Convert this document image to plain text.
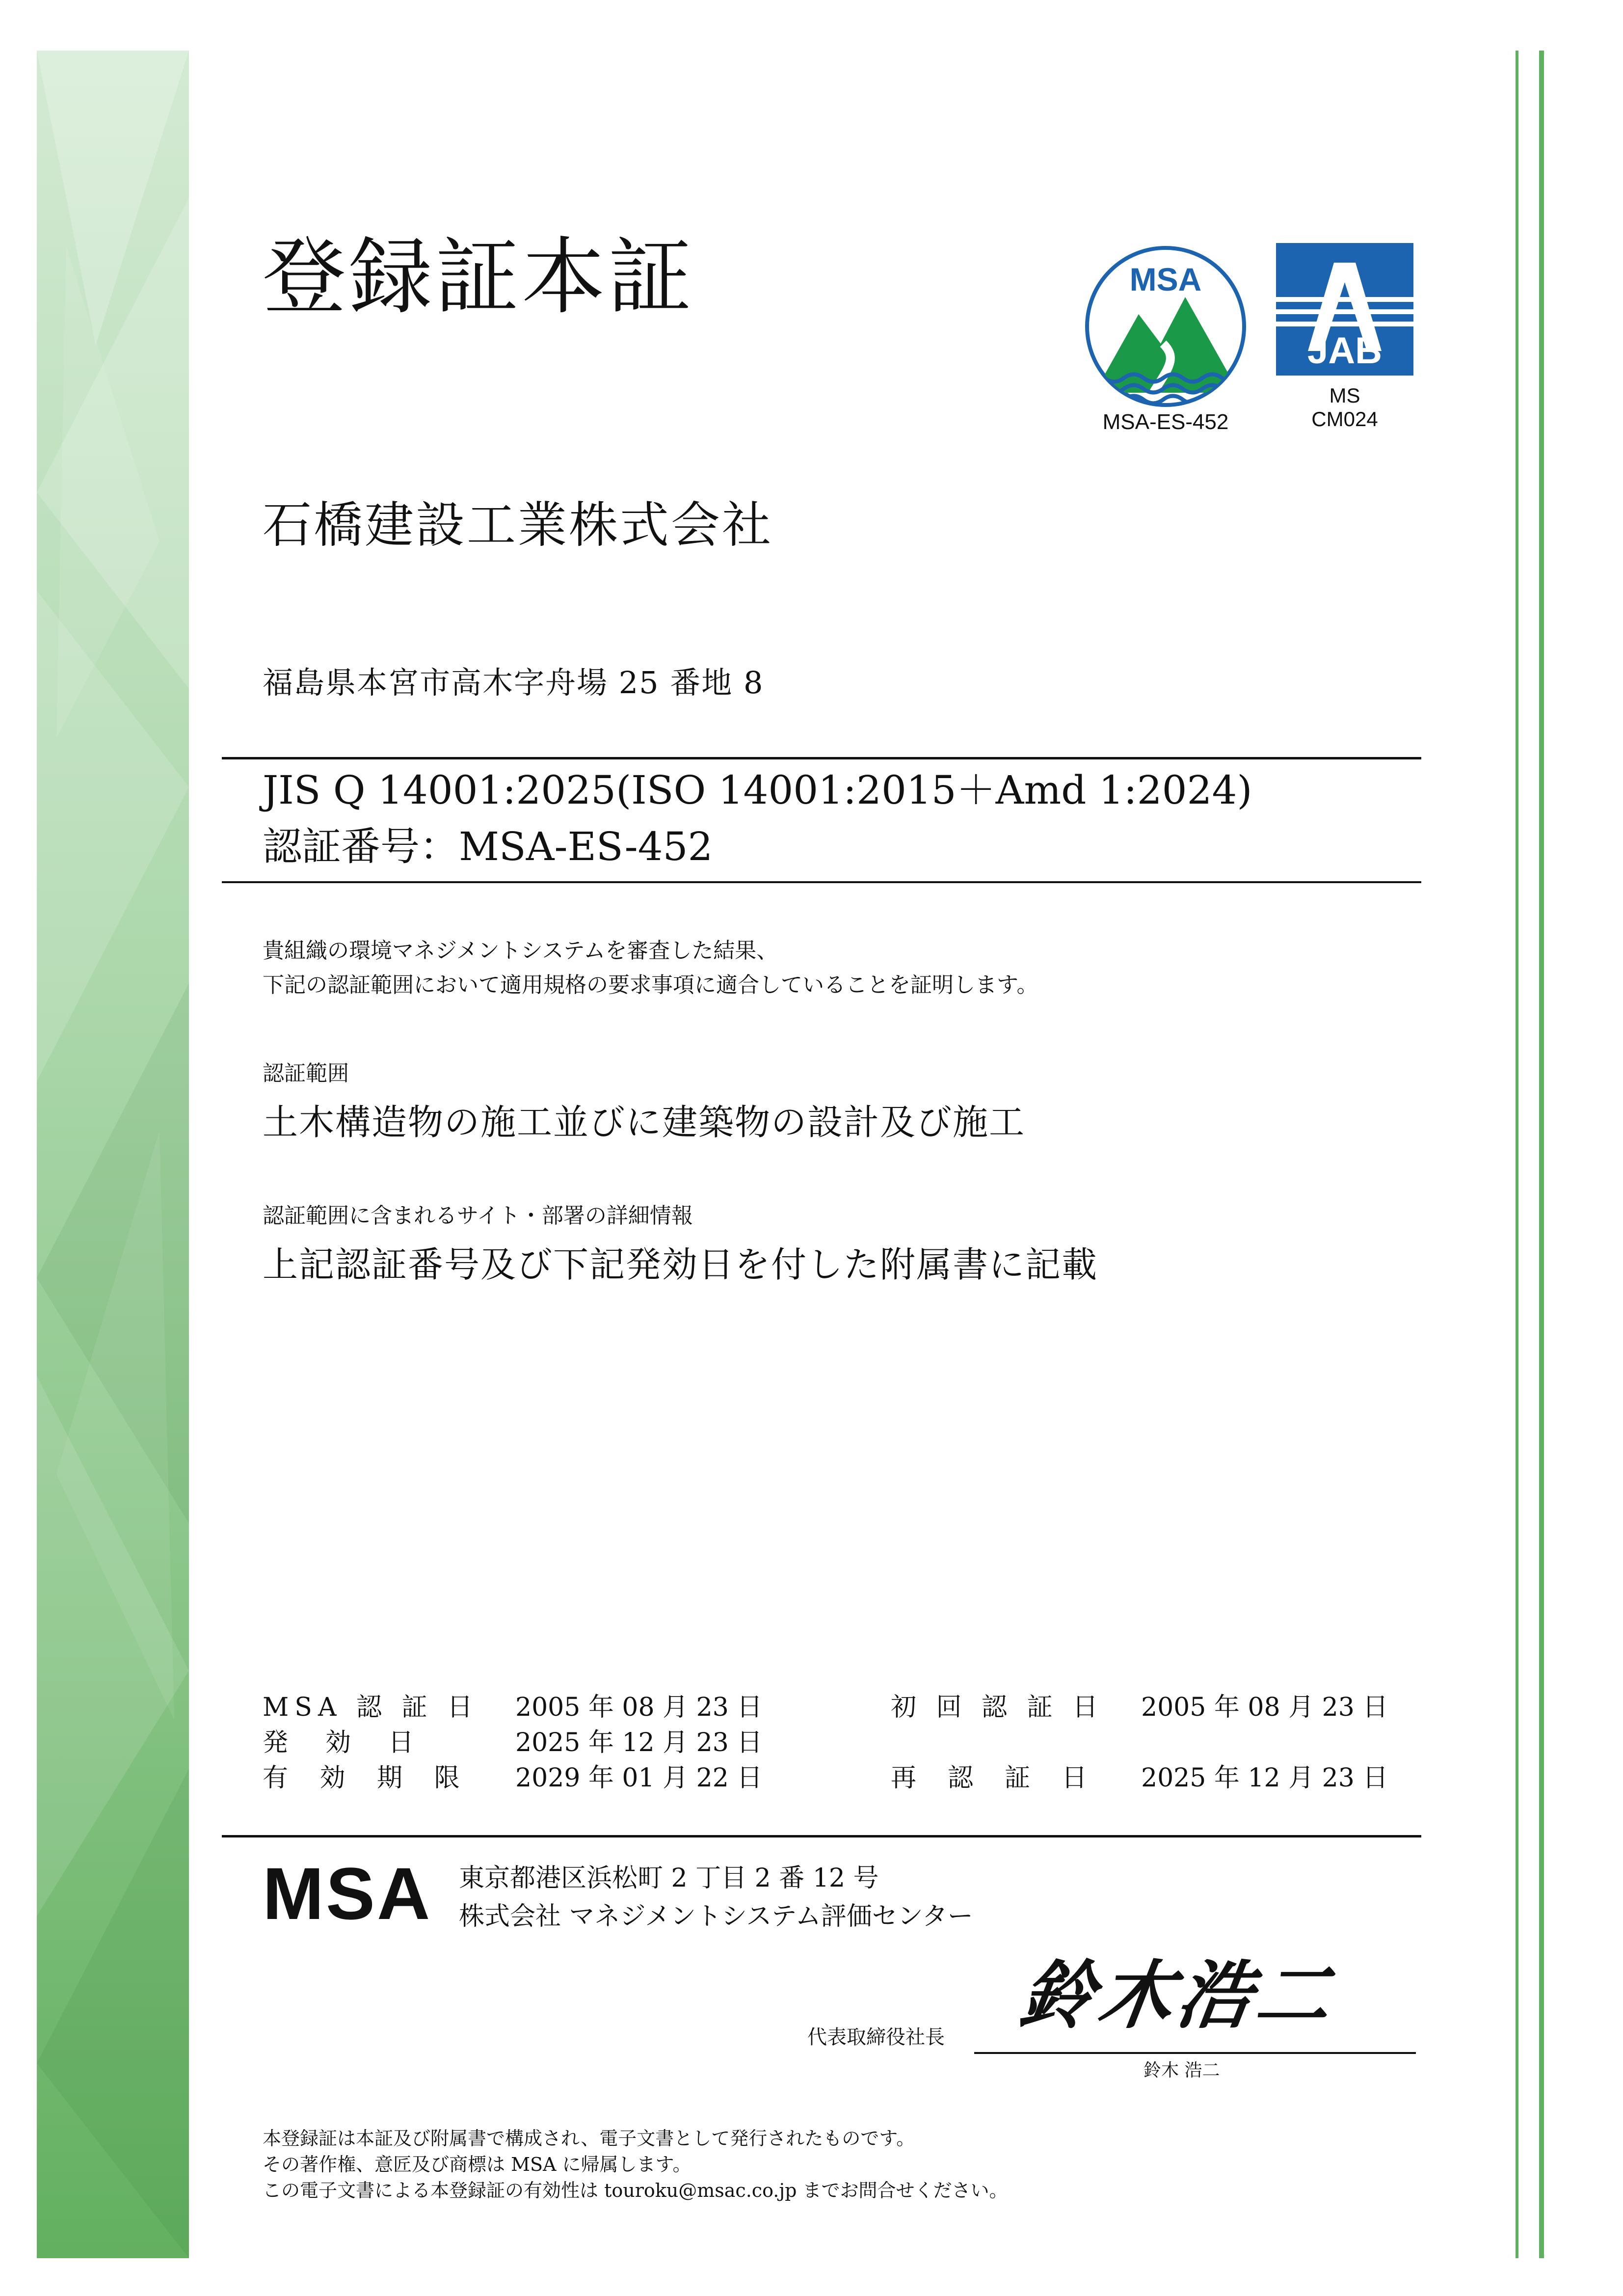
登録証本証	MSA
MSA-ES-452
JAB
MS
CM024
石橋建設工業株式会社
福島県本宮市高木字舟場 25 番地 8
JIS Q 14001:2025(ISO 14001:2015＋Amd 1:2024)
認証番号：MSA-ES-452
貴組織の環境マネジメントシステムを審査した結果、
下記の認証範囲において適用規格の要求事項に適合していることを証明します。
認証範囲
土木構造物の施工並びに建築物の設計及び施工
認証範囲に含まれるサイト・部署の詳細情報
上記認証番号及び下記発効日を付した附属書に記載
MSA 認 証 日 2005 年 08 月 23 日	初 回 認 証 日 2005 年 08 月 23 日
発　効　日	2025 年 12 月 23 日
有 効 期 限 2029 年 01 月 22 日	再　認　証　日 2025 年 12 月 23 日
MSA 東京都港区浜松町 2 丁目 2 番 12 号
株式会社 マネジメントシステム評価センター
代表取締役社長 鈴木浩二
鈴木 浩二
本登録証は本証及び附属書で構成され、電子文書として発行されたものです。
その著作権、意匠及び商標は MSA に帰属します。
この電子文書による本登録証の有効性は touroku@msac.co.jp までお問合せください。
